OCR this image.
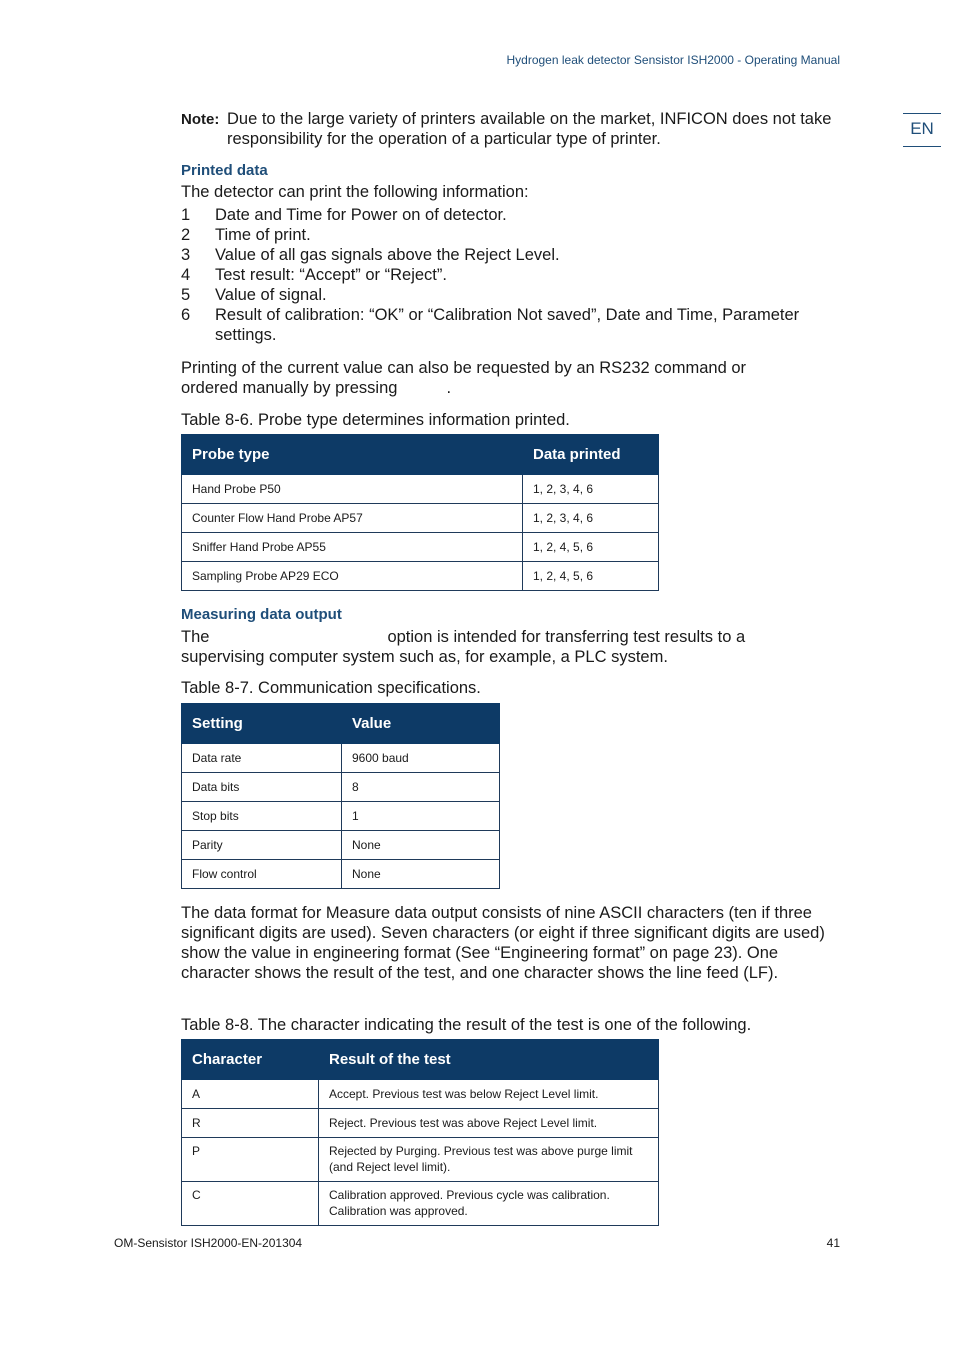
Hydrogen leak detector Sensistor ISH2000 - Operating Manual
EN
Note: Due to the large variety of printers available on the market, INFICON does not take responsibility for the operation of a particular type of printer.
Printed data
The detector can print the following information:
1	Date and Time for Power on of detector.
2	Time of print.
3	Value of all gas signals above the Reject Level.
4	Test result: “Accept” or “Reject”.
5	Value of signal.
6	Result of calibration: “OK” or “Calibration Not saved”, Date and Time, Parameter settings.
Printing of the current value can also be requested by an RS232 command or
ordered manually by pressing	.
Table 8-6. Probe type determines information printed.
Probe type	Data printed
Hand Probe P50	1, 2, 3, 4, 6
Counter Flow Hand Probe AP57	1, 2, 3, 4, 6
Sniffer Hand Probe AP55	1, 2, 4, 5, 6
Sampling Probe AP29 ECO	1, 2, 4, 5, 6
Measuring data output
The	option is intended for transferring test results to a
supervising computer system such as, for example, a PLC system.
Table 8-7. Communication specifications.
Setting	Value
Data rate	9600 baud
Data bits	8
Stop bits	1
Parity	None
Flow control	None
The data format for Measure data output consists of nine ASCII characters (ten if three significant digits are used). Seven characters (or eight if three significant digits are used) show the value in engineering format (See “Engineering format” on page 23). One character shows the result of the test, and one character shows the line feed (LF).
Table 8-8. The character indicating the result of the test is one of the following.
Character	Result of the test
A	Accept. Previous test was below Reject Level limit.
R	Reject. Previous test was above Reject Level limit.
P	Rejected by Purging. Previous test was above purge limit (and Reject level limit).
C	Calibration approved. Previous cycle was calibration. Calibration was approved.
OM-Sensistor ISH2000-EN-201304	41
